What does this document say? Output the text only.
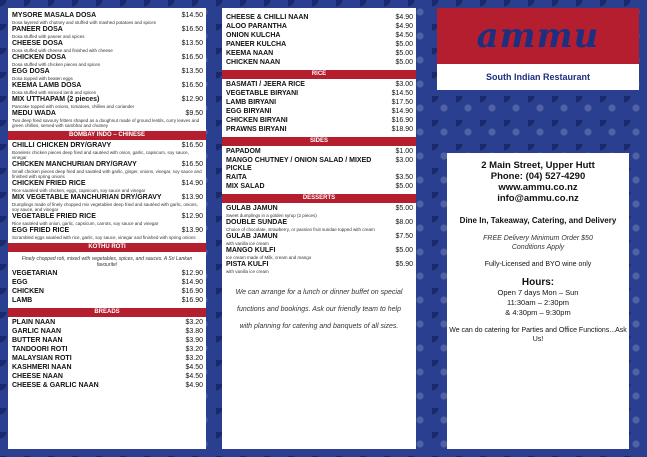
MYSORE MASALA DOSA	$14.50
Dosa layered with chutney and stuffed with mashed potatoes and spices
PANEER DOSA	$16.50
Dosa stuffed with paneer and spices
CHEESE DOSA	$13.50
Dosa stuffed with cheese and finished with cheese
CHICKEN DOSA	$16.50
Dosa stuffed with chicken pieces and spices
EGG DOSA	$13.50
Dosa topped with beaten eggs
KEEMA LAMB DOSA	$16.50
Dosa stuffed with minced lamb and spices
MIX UTTHAPAM (2 pieces)	$12.90
Pancake topped with onions, tomatoes, chillies and coriander
MEDU WADA	$9.50
Two deep fried savoury fritters shaped as a doughnut made of ground lentils, curry leaves and green chillies, served with sambhar and chutney
BOMBAY INDO – CHINESE
CHILLI CHICKEN DRY/GRAVY	$16.50
Boneless chicken pieces deep fried and sautéed with onion, garlic, capsicum, soy sauce, vinegar
CHICKEN MANCHURIAN DRY/GRAVY	$16.50
Small chicken pieces deep fried and sautéed with garlic, ginger, onions, vinegar, soy sauce and finished with spring onions
CHICKEN FRIED RICE	$14.90
Rice sautéed with chicken, eggs, capsicum, soy sauce and vinegar
MIX VEGETABLE MANCHURIAN DRY/GRAVY	$13.90
Dumplings made of finely chopped mix vegetables deep fried and sautéed with garlic, onions, soy sauce, and vinegar
VEGETABLE FRIED RICE	$12.90
Rice sautéed with onion, garlic, capsicum, carrots, soy sauce and vinegar
EGG FRIED RICE	$13.90
Scrambled eggs sautéed with rice, garlic, soy sauce, vinegar and finished with spring onions
KOTHU ROTI
Finely chopped roti, mixed with vegetables, spices, and sauces. A Sri Lankan favourite!
VEGETARIAN	$12.90
EGG	$14.90
CHICKEN	$16.90
LAMB	$16.90
BREADS
PLAIN NAAN	$3.20
GARLIC NAAN	$3.80
BUTTER NAAN	$3.90
TANDOORI ROTI	$3.20
MALAYSIAN ROTI	$3.20
KASHMERI NAAN	$4.50
CHEESE NAAN	$4.50
CHEESE & GARLIC NAAN	$4.90
CHEESE & CHILLI NAAN	$4.90
ALOO PARANTHA	$4.90
ONION KULCHA	$4.50
PANEER KULCHA	$5.00
KEEMA NAAN	$5.00
CHICKEN NAAN	$5.00
RICE
BASMATI / JEERA RICE	$3.00
VEGETABLE BIRYANI	$14.50
LAMB BIRYANI	$17.50
EGG BIRYANI	$14.90
CHICKEN BIRYANI	$16.90
PRAWNS BIRYANI	$18.90
SIDES
PAPADOM	$1.00
MANGO CHUTNEY / ONION SALAD / MIXED PICKLE
$3.00
RAITA	$3.50
MIX SALAD	$5.00
DESSERTS
GULAB JAMUN	$5.00
Sweet dumplings in a golden syrup (2 pieces)
DOUBLE SUNDAE	$8.00
Choice of chocolate, strawberry, or passion fruit sundae topped with cream
GULAB JAMUN	$7.50
with vanilla ice cream
MANGO KULFI	$5.00
Ice cream made of Milk, cream and mango
PISTA KULFI	$5.90
with vanilla ice cream
We can arrange for a lunch or dinner buffet on special functions and bookings. Ask our friendly team to help with planning for catering and banquets of all sizes.
ammu
South Indian Restaurant
2 Main Street, Upper Hutt
Phone: (04) 527-4290
www.ammu.co.nz
info@ammu.co.nz
Dine In, Takeaway, Catering, and Delivery
FREE Delivery Minimum Order $50
Conditions Apply
Fully-Licensed and BYO wine only
Hours:
Open 7 days Mon – Sun
11:30am – 2:30pm
& 4:30pm – 9:30pm
We can do catering for Parties and Office Functions...Ask Us!
